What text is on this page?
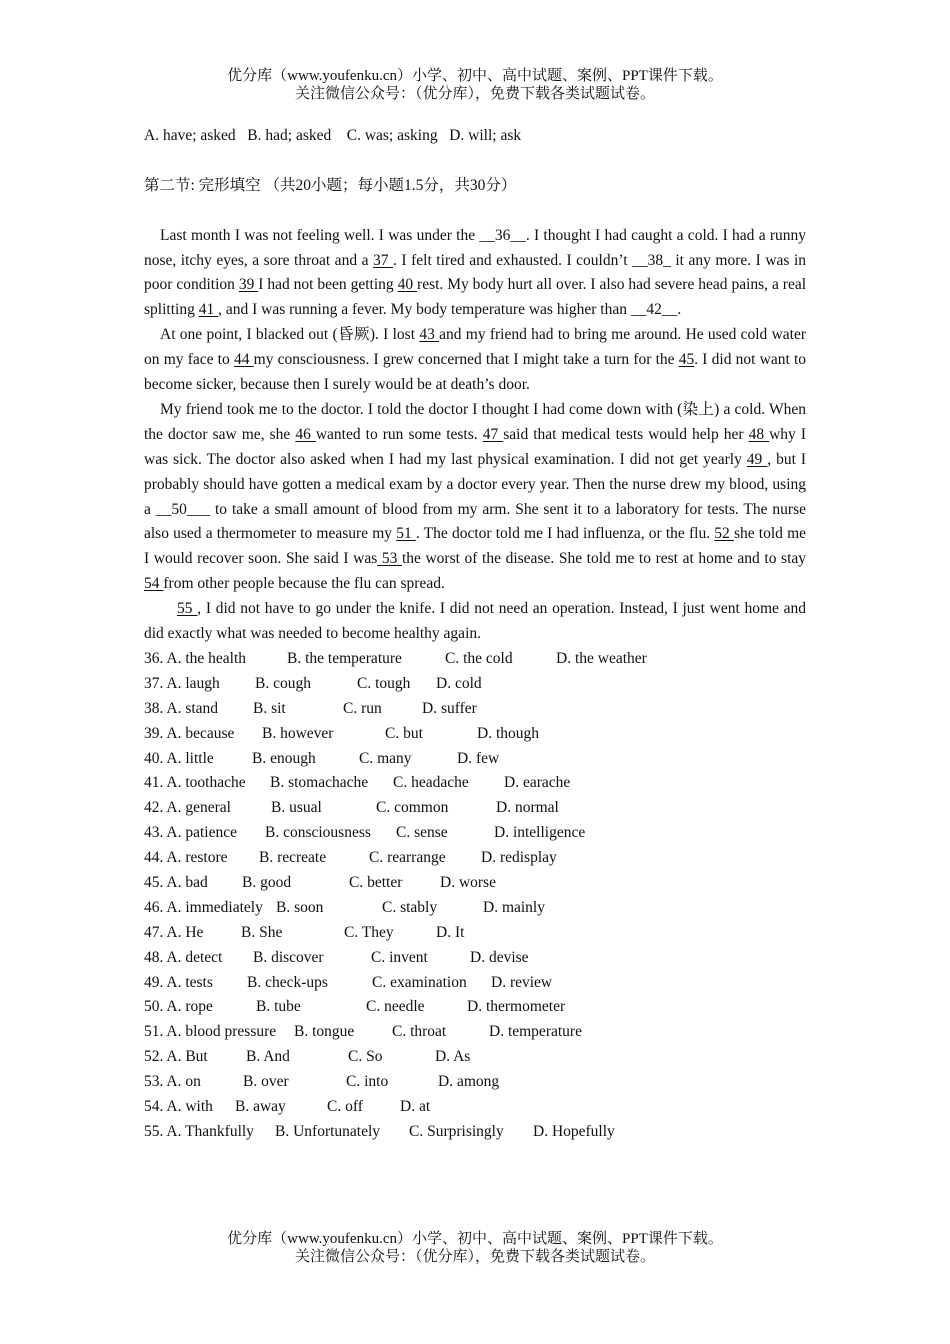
优分库（www.youfenku.cn）小学、初中、高中试题、案例、PPT课件下载。
关注微信公众号：（优分库），免费下载各类试题试卷。

A. have; asked   B. had; asked    C. was; asking   D. will; ask

第二节: 完形填空 （共20小题；每小题1.5分，共30分）

Last month I was not feeling well. I was under the __36__. I thought I had caught a cold. I had a runny nose, itchy eyes, a sore throat and a 37 . I felt tired and exhausted. I couldn’t __38_ it any more. I was in poor condition 39 I had not been getting 40 rest. My body hurt all over. I also had severe head pains, a real splitting 41 , and I was running a fever. My body temperature was higher than __42__.

At one point, I blacked out (昏厥). I lost 43 and my friend had to bring me around. He used cold water on my face to 44 my consciousness. I grew concerned that I might take a turn for the 45. I did not want to become sicker, because then I surely would be at death’s door.

My friend took me to the doctor. I told the doctor I thought I had come down with (染上) a cold. When the doctor saw me, she 46 wanted to run some tests. 47 said that medical tests would help her 48 why I was sick. The doctor also asked when I had my last physical examination. I did not get yearly 49 , but I probably should have gotten a medical exam by a doctor every year. Then the nurse drew my blood, using a __50___ to take a small amount of blood from my arm. She sent it to a laboratory for tests. The nurse also used a thermometer to measure my 51 . The doctor told me I had influenza, or the flu. 52 she told me I would recover soon. She said I was 53 the worst of the disease. She told me to rest at home and to stay 54 from other people because the flu can spread.

55 , I did not have to go under the knife. I did not need an operation. Instead, I just went home and did exactly what was needed to become healthy again.

36. A. the health	B. the temperature	C. the cold	D. the weather
37. A. laugh B. cough	C. tough D. cold
38. A. stand B. sit	C. run	D. suffer
39. A. because B. however	C. but	D. though
40. A. little B. enough	C. many	D. few
41. A. toothache B. stomachache C. headache D. earache
42. A. general	B. usual	C. common	D. normal
43. A. patience B. consciousness C. sense	D. intelligence
44. A. restore B. recreate	C. rearrange D. redisplay
45. A. bad B. good	C. better D. worse
46. A. immediately B. soon	C. stably	D. mainly
47. A. He B. She	C. They	D. It
48. A. detect B. discover	C. invent	D. devise
49. A. tests B. check-ups	C. examination D. review
50. A. rope	B. tube	C. needle	D. thermometer
51. A. blood pressure B. tongue C. throat	D. temperature
52. A. But B. And	C. So	D. As
53. A. on	B. over	C. into	D. among
54. A. with B. away	C. off D. at
55. A. Thankfully B. Unfortunately C. Surprisingly D. Hopefully
优分库（www.youfenku.cn）小学、初中、高中试题、案例、PPT课件下载。
关注微信公众号：（优分库），免费下载各类试题试卷。
